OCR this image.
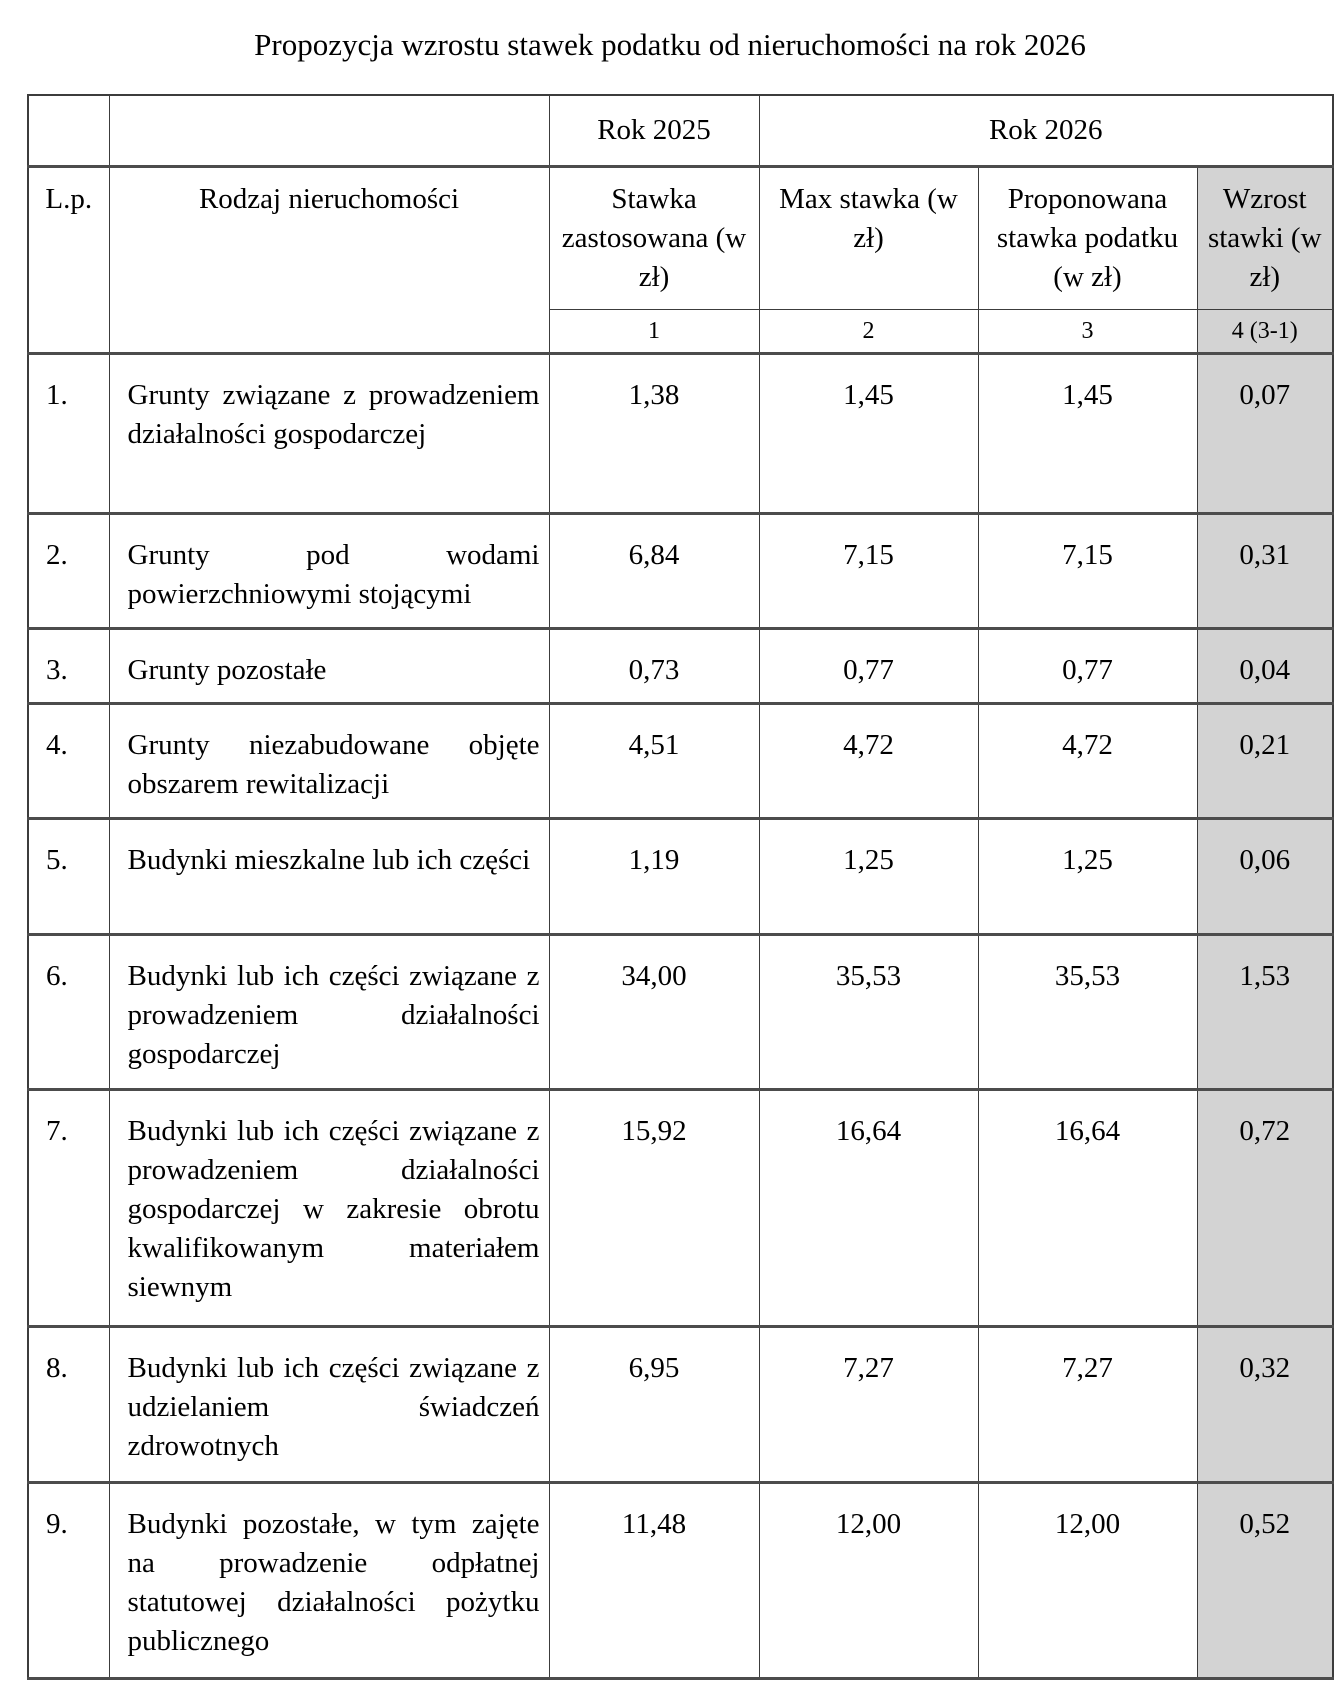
Propozycja wzrostu stawek podatku od nieruchomości na rok 2026
		Rok 2025	Rok 2026		
L.p.	Rodzaj nieruchomości	Stawka zastosowana (w zł)	Max stawka (w zł)	Proponowana stawka podatku (w zł)	Wzrost stawki (w zł)
		1	2	3	4 (3-1)
1.	Grunty związane z prowadzeniem działalności gospodarczej	1,38	1,45	1,45	0,07
2.	Grunty pod wodami powierzchniowymi stojącymi	6,84	7,15	7,15	0,31
3.	Grunty pozostałe	0,73	0,77	0,77	0,04
4.	Grunty niezabudowane objęte obszarem rewitalizacji	4,51	4,72	4,72	0,21
5.	Budynki mieszkalne lub ich części	1,19	1,25	1,25	0,06
6.	Budynki lub ich części związane z prowadzeniem działalności gospodarczej	34,00	35,53	35,53	1,53
7.	Budynki lub ich części związane z prowadzeniem działalności gospodarczej w zakresie obrotu kwalifikowanym materiałem siewnym	15,92	16,64	16,64	0,72
8.	Budynki lub ich części związane z udzielaniem świadczeń zdrowotnych	6,95	7,27	7,27	0,32
9.	Budynki pozostałe, w tym zajęte na prowadzenie odpłatnej statutowej działalności pożytku publicznego	11,48	12,00	12,00	0,52
